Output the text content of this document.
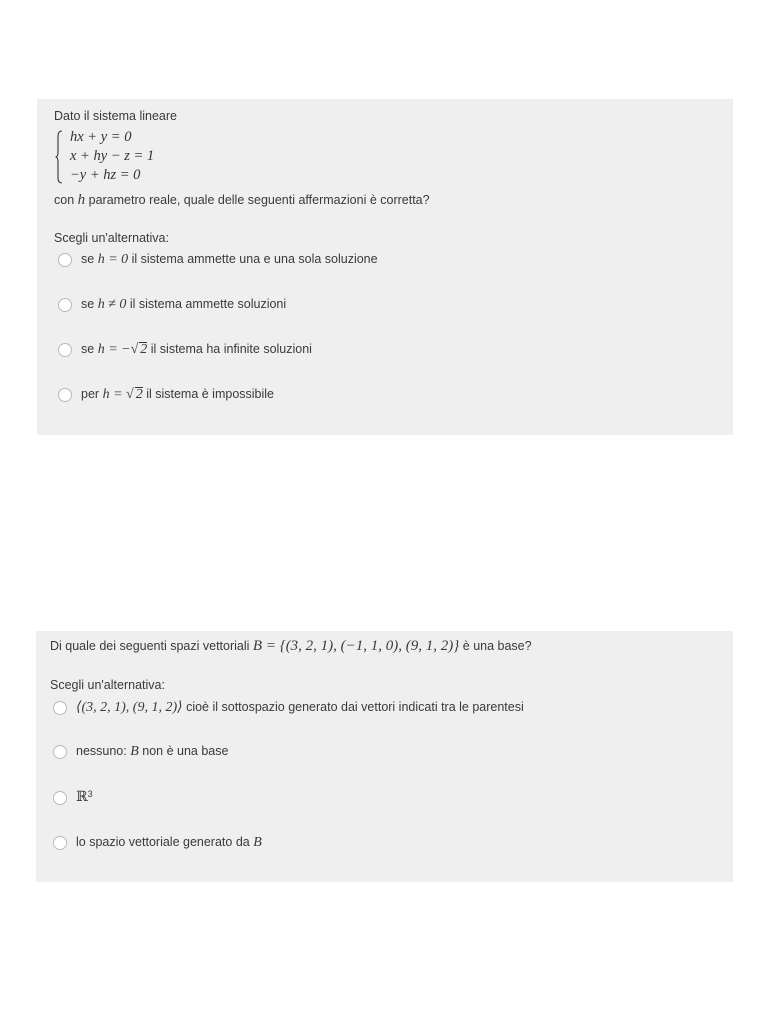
Dato il sistema lineare
hx + y = 0
x + hy − z = 1
−y + hz = 0
con h parametro reale, quale delle seguenti affermazioni è corretta?
Scegli un'alternativa:
se h = 0 il sistema ammette una e una sola soluzione
se h ≠ 0 il sistema ammette soluzioni
se h = −√ 2 il sistema ha infinite soluzioni
per h = √ 2 il sistema è impossibile
Di quale dei seguenti spazi vettoriali B = {(3, 2, 1), (−1, 1, 0), (9, 1, 2)} è una base?
Scegli un'alternativa:
⟨(3, 2, 1), (9, 1, 2)⟩ cioè il sottospazio generato dai vettori indicati tra le parentesi
nessuno: B non è una base
ℝ$^3$
lo spazio vettoriale generato da B
